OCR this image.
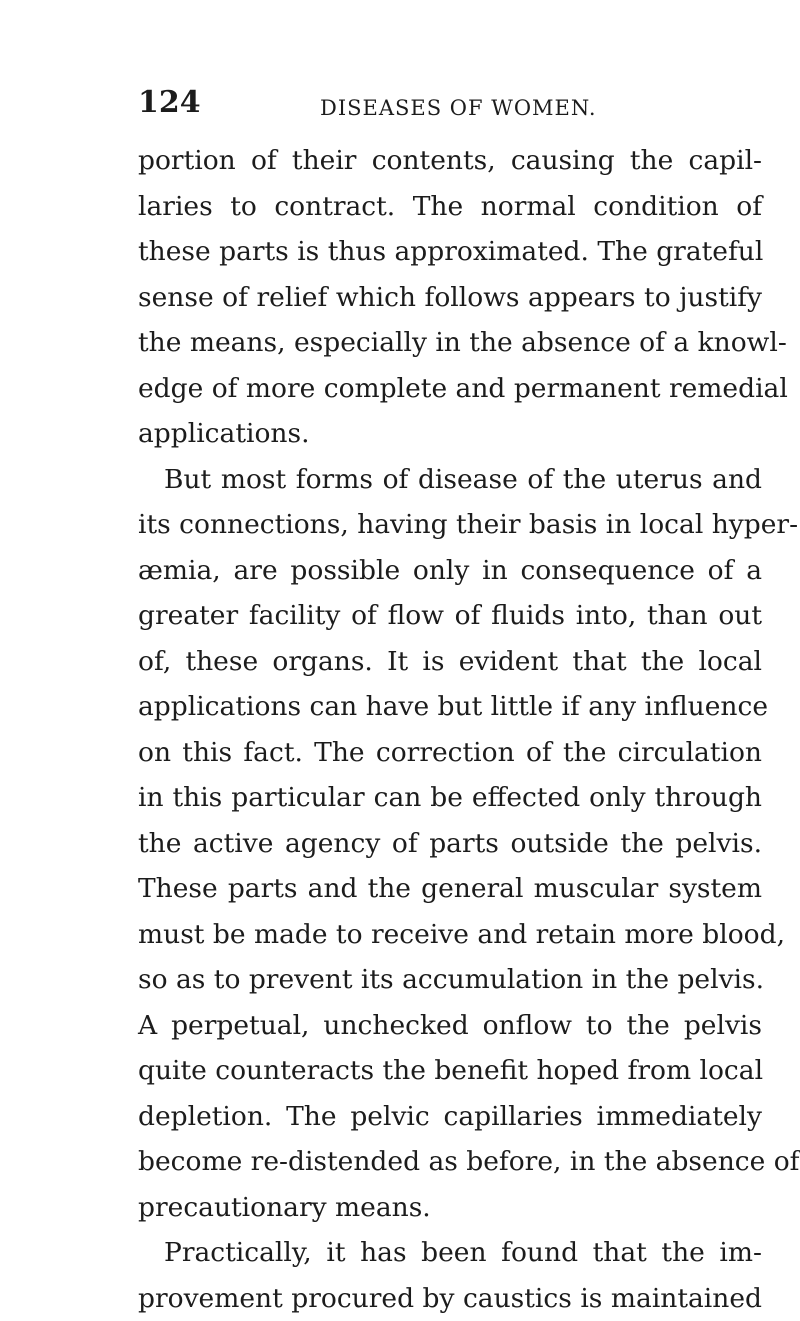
124	DISEASES OF WOMEN.
portion of their contents, causing the capil-
laries to contract. The normal condition of
these parts is thus approximated. The grateful
sense of relief which follows appears to justify
the means, especially in the absence of a knowl-
edge of more complete and permanent remedial
applications.
But most forms of disease of the uterus and
its connections, having their basis in local hyper-
æmia, are possible only in consequence of a
greater facility of flow of fluids into, than out
of, these organs. It is evident that the local
applications can have but little if any influence
on this fact. The correction of the circulation
in this particular can be effected only through
the active agency of parts outside the pelvis.
These parts and the general muscular system
must be made to receive and retain more blood,
so as to prevent its accumulation in the pelvis.
A perpetual, unchecked onflow to the pelvis
quite counteracts the benefit hoped from local
depletion. The pelvic capillaries immediately
become re-distended as before, in the absence of
precautionary means.
Practically, it has been found that the im-
provement procured by caustics is maintained
